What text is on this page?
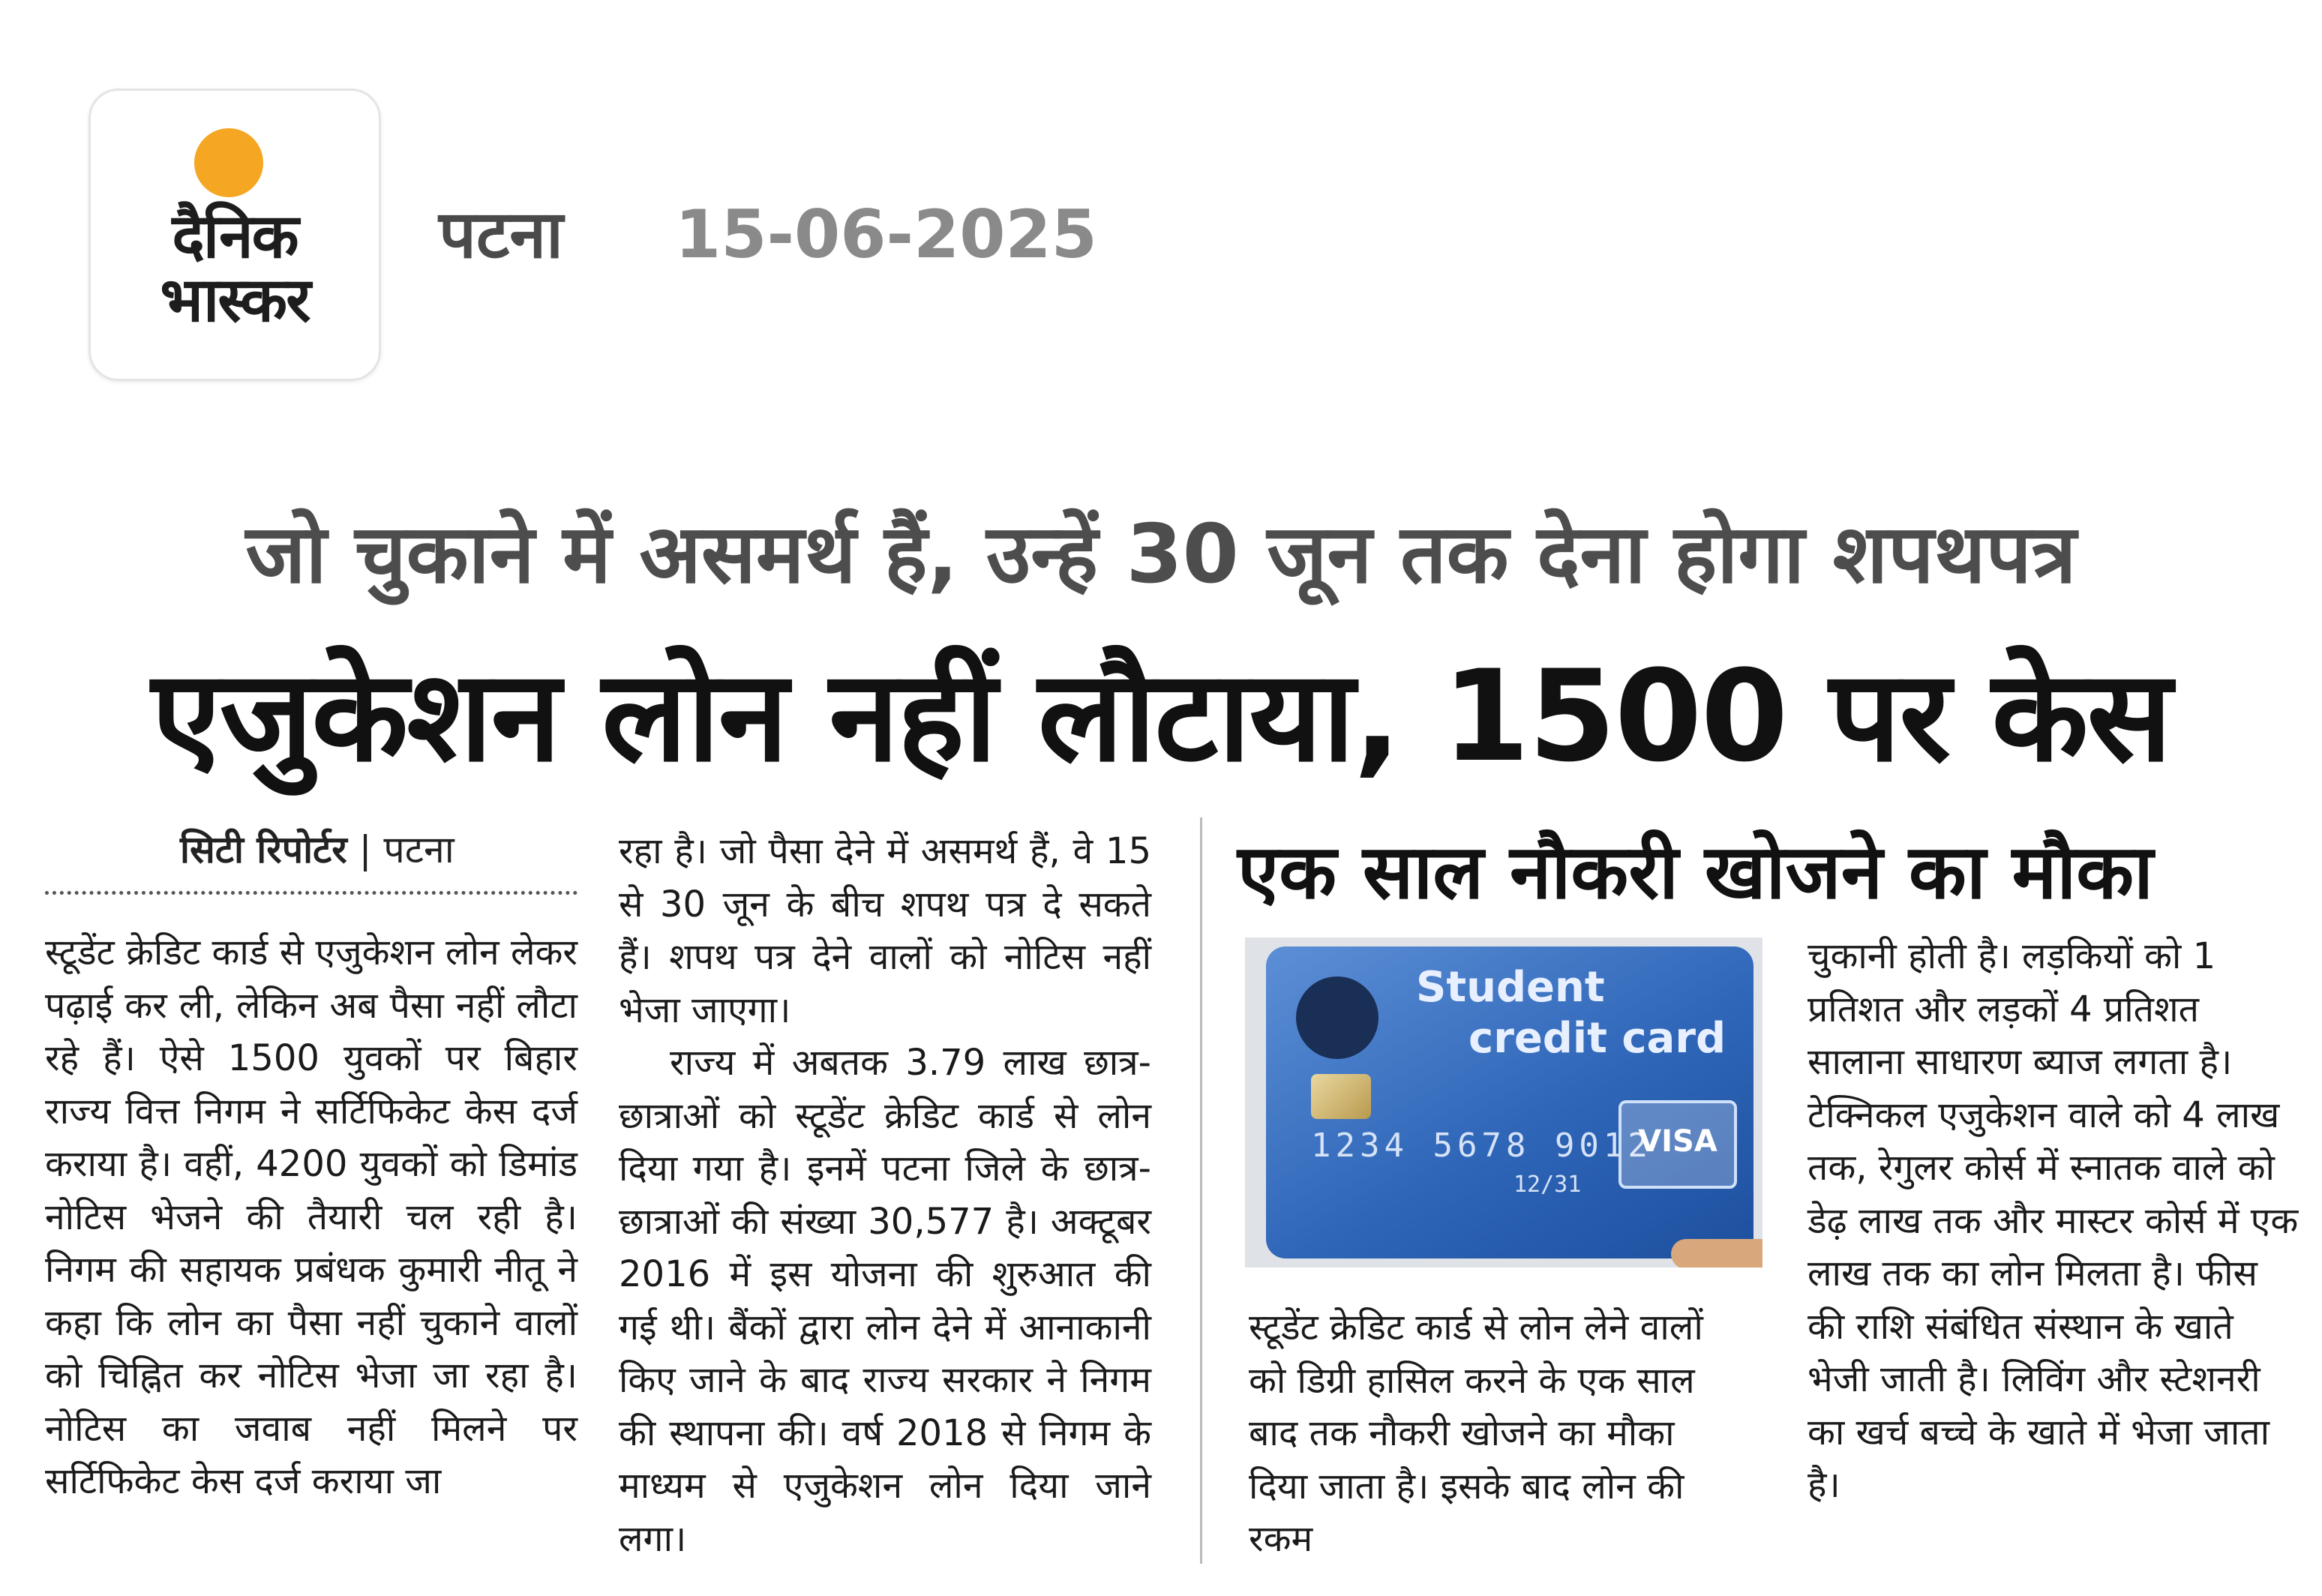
दैनिक
भास्कर
पटना 15-06-2025
जो चुकाने में असमर्थ हैं, उन्हें 30 जून तक देना होगा शपथपत्र
एजुकेशन लोन नहीं लौटाया, 1500 पर केस
सिटी रिपोर्टर | पटना
स्टूडेंट क्रेडिट कार्ड से एजुकेशन लोन लेकर पढ़ाई कर ली, लेकिन अब पैसा नहीं लौटा रहे हैं। ऐसे 1500 युवकों पर बिहार राज्य वित्त निगम ने सर्टिफिकेट केस दर्ज कराया है। वहीं, 4200 युवकों को डिमांड नोटिस भेजने की तैयारी चल रही है। निगम की सहायक प्रबंधक कुमारी नीतू ने कहा कि लोन का पैसा नहीं चुकाने वालों को चिह्नित कर नोटिस भेजा जा रहा है। नोटिस का जवाब नहीं मिलने पर सर्टिफिकेट केस दर्ज कराया जा

रहा है। जो पैसा देने में असमर्थ हैं, वे 15 से 30 जून के बीच शपथ पत्र दे सकते हैं। शपथ पत्र देने वालों को नोटिस नहीं भेजा जाएगा।

राज्य में अबतक 3.79 लाख छात्र-छात्राओं को स्टूडेंट क्रेडिट कार्ड से लोन दिया गया है। इनमें पटना जिले के छात्र-छात्राओं की संख्या 30,577 है। अक्टूबर 2016 में इस योजना की शुरुआत की गई थी। बैंकों द्वारा लोन देने में आनाकानी किए जाने के बाद राज्य सरकार ने निगम की स्थापना की। वर्ष 2018 से निगम के माध्यम से एजुकेशन लोन दिया जाने लगा।

एक साल नौकरी खोजने का मौका
Student
credit card
1234 5678 9012
12/31
VISA
स्टूडेंट क्रेडिट कार्ड से लोन लेने वालों को डिग्री हासिल करने के एक साल बाद तक नौकरी खोजने का मौका दिया जाता है। इसके बाद लोन की रकम
चुकानी होती है। लड़कियों को 1 प्रतिशत और लड़कों 4 प्रतिशत सालाना साधारण ब्याज लगता है। टेक्निकल एजुकेशन वाले को 4 लाख तक, रेगुलर कोर्स में स्नातक वाले को डेढ़ लाख तक और मास्टर कोर्स में एक लाख तक का लोन मिलता है। फीस की राशि संबंधित संस्थान के खाते भेजी जाती है। लिविंग और स्टेशनरी का खर्च बच्चे के खाते में भेजा जाता है।
